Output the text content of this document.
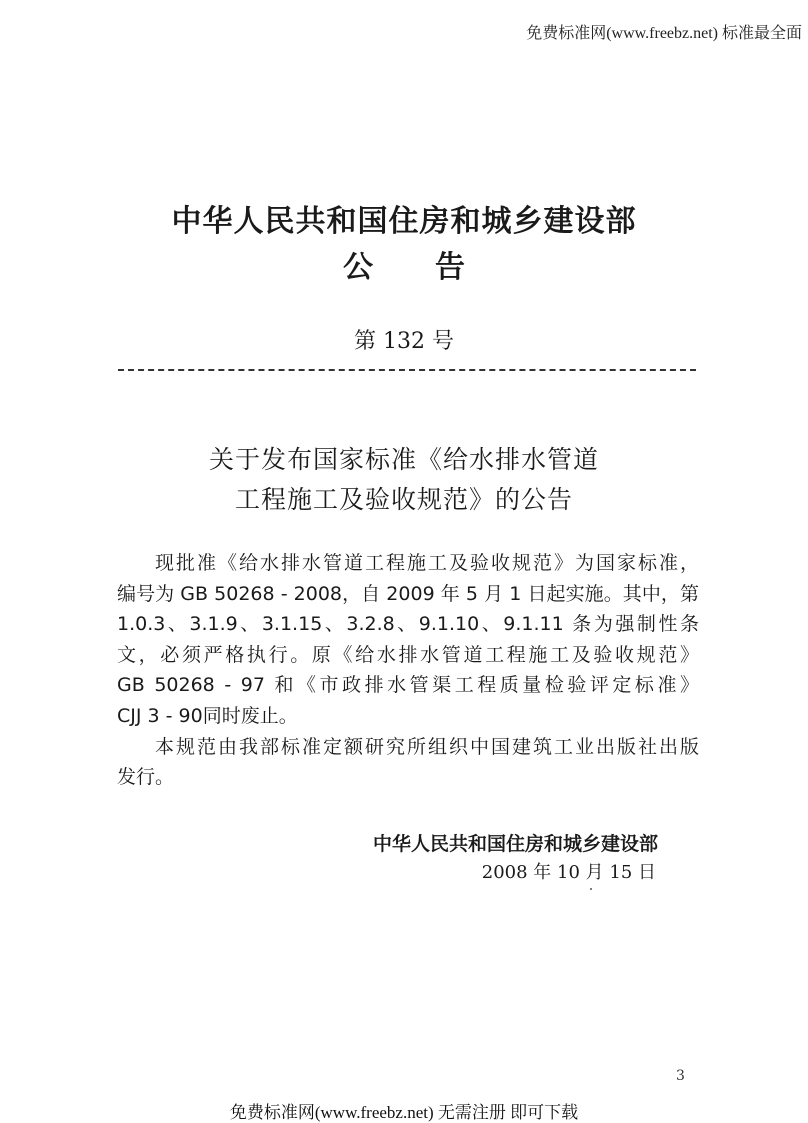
免费标准网(www.freebz.net) 标准最全面
中华人民共和国住房和城乡建设部
公告
第 132 号
关于发布国家标准《给水排水管道
工程施工及验收规范》的公告
现批准《给水排水管道工程施工及验收规范》为国家标准，
编号为 GB 50268 - 2008，自 2009 年 5 月 1 日起实施。其中，第
1.0.3、3.1.9、3.1.15、3.2.8、9.1.10、9.1.11 条为强制性条
文，必须严格执行。原《给水排水管道工程施工及验收规范》
GB 50268 - 97 和《市政排水管渠工程质量检验评定标准》
CJJ 3 - 90同时废止。
本规范由我部标准定额研究所组织中国建筑工业出版社出版
发行。
中华人民共和国住房和城乡建设部
2008 年 10 月 15 日
3
免费标准网(www.freebz.net) 无需注册 即可下载
